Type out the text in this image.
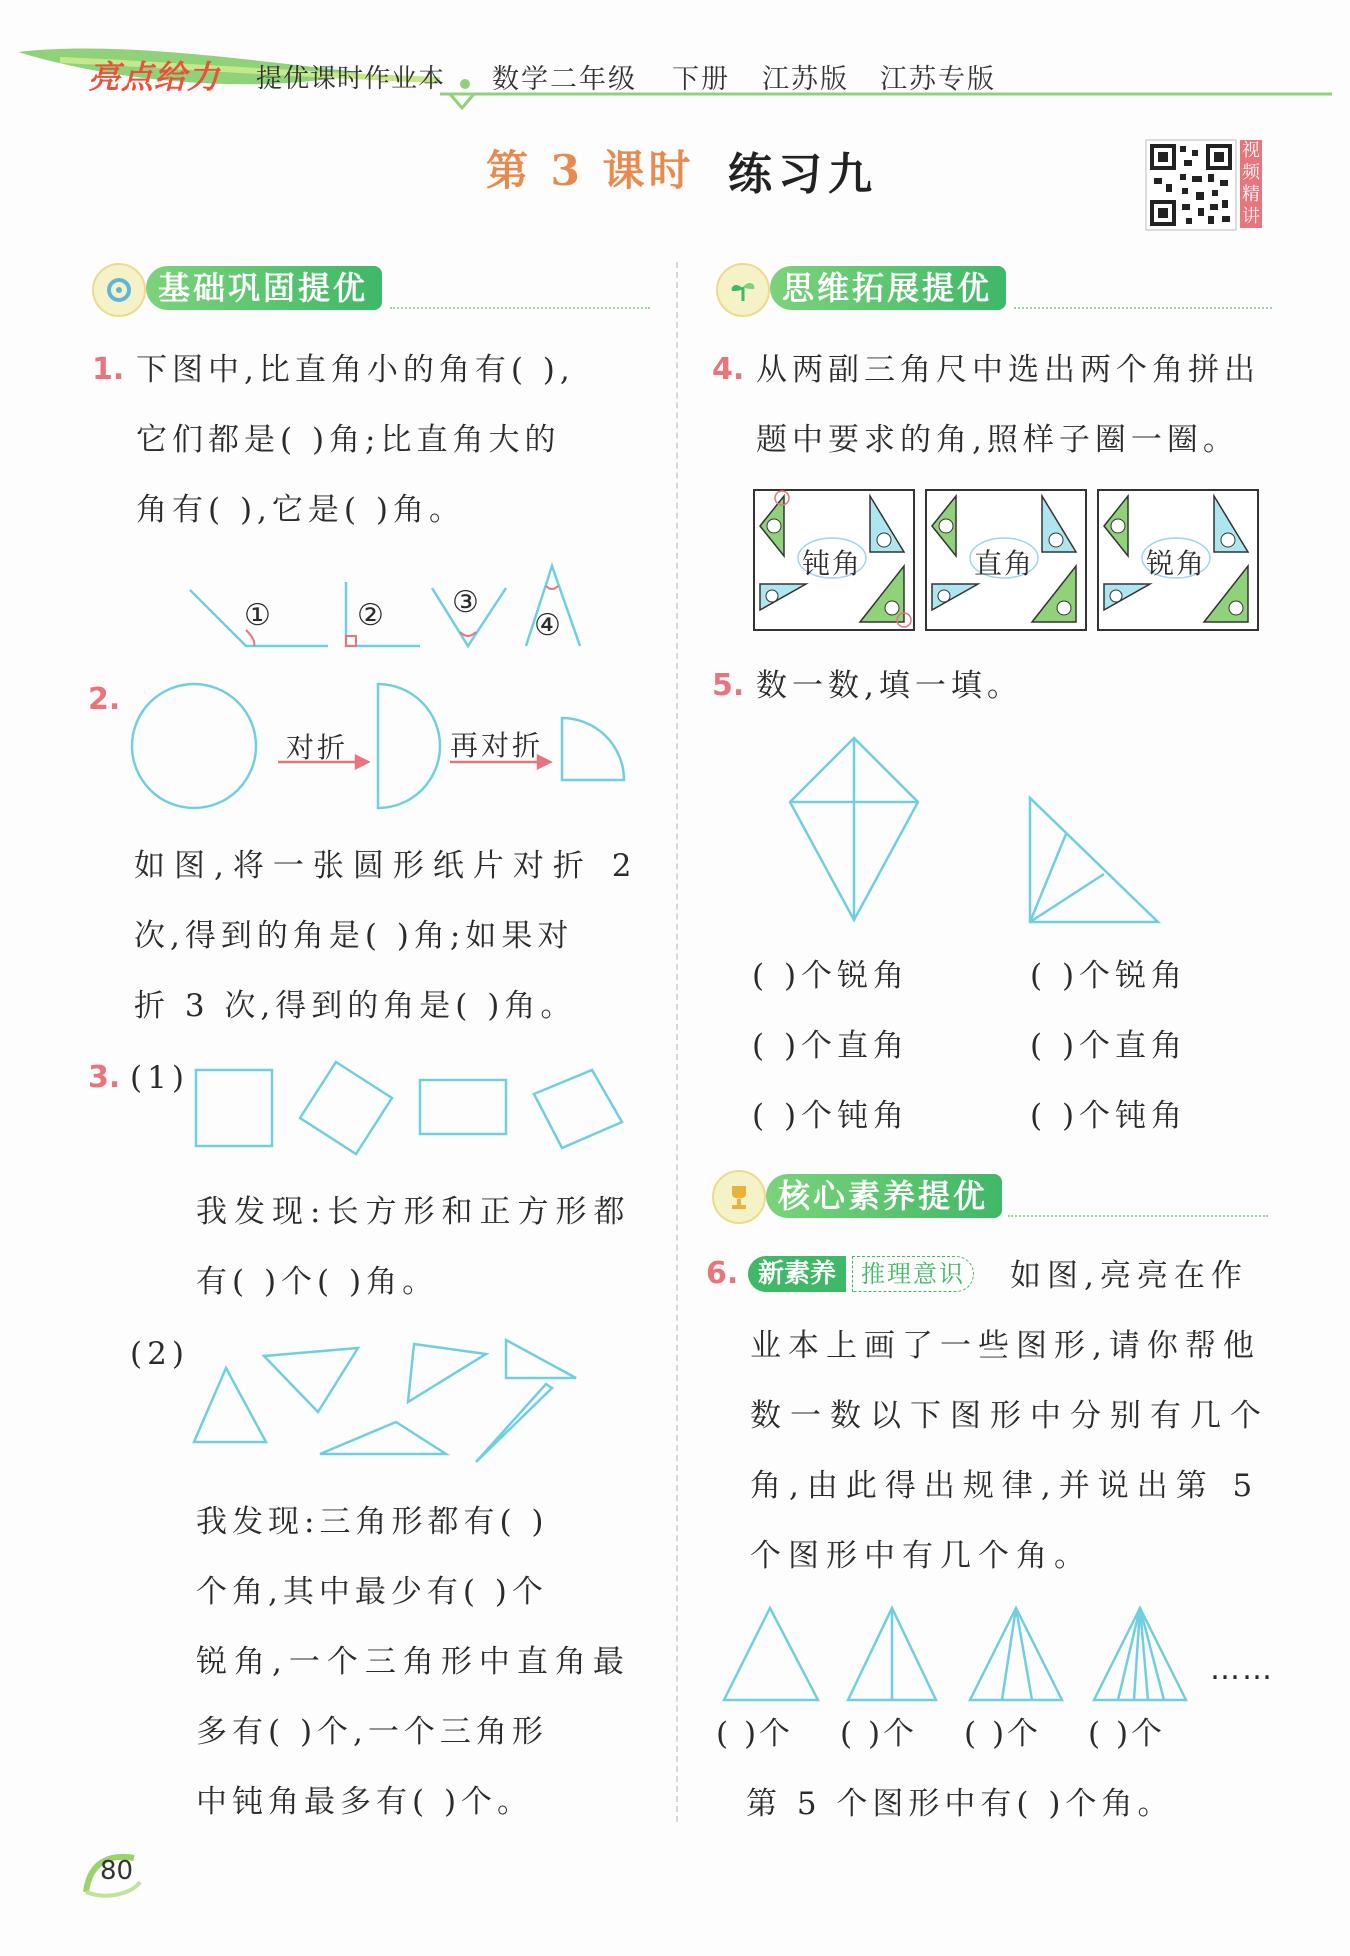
亮点给力 提优课时作业本 数学二年级 下册 江苏版 江苏专版
第 3 课时 练习九	视频精讲
基础巩固提优
1. 下图中,比直角小的角有( ),
它们都是( )角;比直角大的
角有( ),它是( )角。
①	② ③
④
2.
对折	再对折
如图,将一张圆形纸片对折 2
次,得到的角是( )角;如果对
折 3 次,得到的角是( )角。
3. (1)
我发现:长方形和正方形都
有( )个( )角。
(2)
我发现:三角形都有( )
个角,其中最少有( )个
锐角,一个三角形中直角最
多有( )个,一个三角形
中钝角最多有( )个。
思维拓展提优
4. 从两副三角尺中选出两个角拼出
题中要求的角,照样子圈一圈。
钝角	直角	锐角
5. 数一数,填一填。
( )个锐角
( )个直角
( )个钝角
( )个锐角
( )个直角
( )个钝角
核心素养提优
6. 新素养	推理意识 如图,亮亮在作
业本上画了一些图形,请你帮他
数一数以下图形中分别有几个
角,由此得出规律,并说出第 5
个图形中有几个角。
……
( )个 ( )个 ( )个 ( )个
第 5 个图形中有( )个角。
80
